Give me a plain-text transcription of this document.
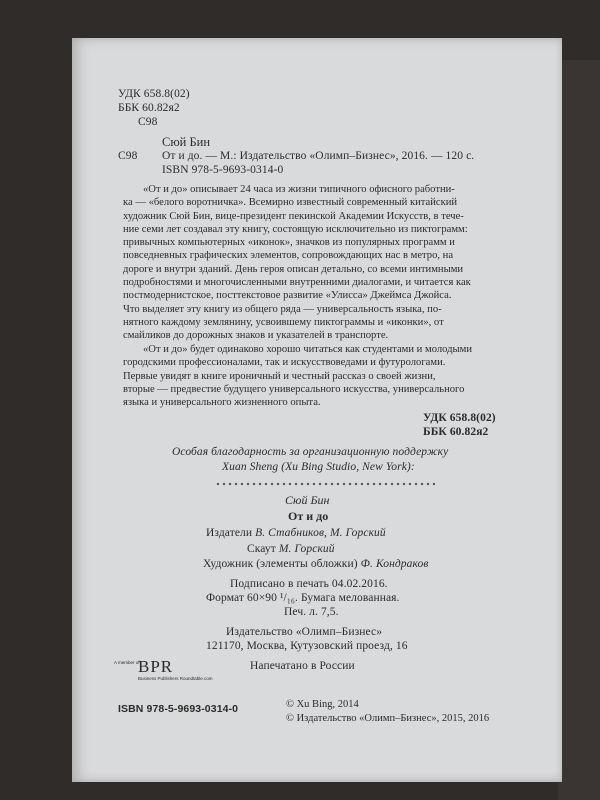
УДК 658.8(02)
ББК 60.82я2
С98
Сюй Бин
С98 От и до. — М.: Издательство «Олимп–Бизнес», 2016. — 120 с.
ISBN 978-5-9693-0314-0
«От и до» описывает 24 часа из жизни типичного офисного работни-
ка — «белого воротничка». Всемирно известный современный китайский
художник Сюй Бин, вице-президент пекинской Академии Искусств, в тече-
ние семи лет создавал эту книгу, состоящую исключительно из пиктограмм:
привычных компьютерных «иконок», значков из популярных программ и
повседневных графических элементов, сопровождающих нас в метро, на
дороге и внутри зданий. День героя описан детально, со всеми интимными
подробностями и многочисленными внутренними диалогами, и читается как
постмодернистское, посттекстовое развитие «Улисса» Джеймса Джойса.
Что выделяет эту книгу из общего ряда — универсальность языка, по-
нятного каждому землянину, усвоившему пиктограммы и «иконки», от
смайликов до дорожных знаков и указателей в транспорте.
«От и до» будет одинаково хорошо читаться как студентами и молодыми
городскими профессионалами, так и искусствоведами и футурологами.
Первые увидят в книге ироничный и честный рассказ о своей жизни,
вторые — предвестие будущего универсального искусства, универсального
языка и универсального жизненного опыта.
УДК 658.8(02)
ББК 60.82я2
Особая благодарность за организационную поддержку
Xuan Sheng (Xu Bing Studio, New York):
Сюй Бин
От и до
Издатели В. Стабников, М. Горский
Скаут М. Горский
Художник (элементы обложки) Ф. Кондраков
Подписано в печать 04.02.2016.
Формат 60×90 ¹/₁₆. Бумага мелованная.
Печ. л. 7,5.
Издательство «Олимп–Бизнес»
121170, Москва, Кутузовский проезд, 16
Напечатано в России
A member of
BPR
Business Publishers Roundtable.com
ISBN 978-5-9693-0314-0	© Xu Bing, 2014
© Издательство «Олимп–Бизнес», 2015, 2016
